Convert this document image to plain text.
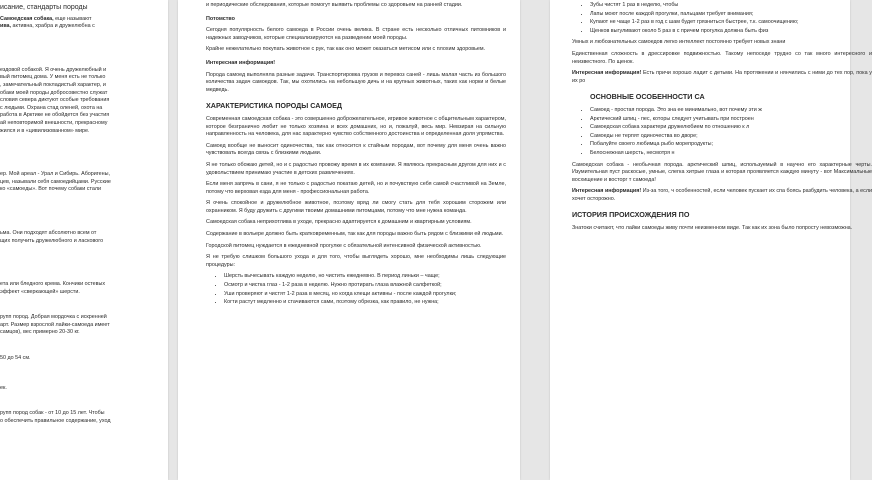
исание, стандарты породы

Самоедская собака, еще называют
ива, активна, храбра и дружелюбна с

ездовой собакой. Я очень дружелюбный и
вый питомец дома. У меня есть не только
, замечательный покладистый характер, и
обаки моей породы добросовестно служат
словия севера диктуют особые требования
с людьми. Охрана стад оленей, охота на
работа в Арктике не обойдется без участия
ай неповторимой внешности, прекрасному
жился и в «цивилизованном» мире.

ер. Мой ареал - Урал и Сибирь. Аборигены,
цев, называли себя самоедийцами. Русские
ко «самоеды». Вот почему собаки стали

ьма. Они подходят абсолютно всем от
щих получить дружелюбного и ласкового

ета или бледного крема. Кончики остевых
эффект «сверкающей» шерсти.

рупп пород. Добрая мордочка с искренней
арт. Размер взрослой лайки-самоеда имеет
самцов), вес примерно 20-30 кг.

50 до 54 см.

ек.

рупп пород собак - от 10 до 15 лет. Чтобы
о обеспечить правильное содержание, уход

и периодические обследования, которые помогут выявить проблемы со здоровьем на ранней стадии.

Потомство

Сегодня популярность белого самоеда в России очень велика. В стране есть несколько отличных питомников и надежных заводчиков, которые специализируются на разведении моей породы.

Крайне нежелательно покупать животное с рук, так как оно может оказаться метисом или с плохим здоровьем.

Интересная информация!

Порода самоед выполняла разные задачи. Транспортировка грузов и перевоз саней - лишь малая часть из большого количества задач самоедов. Так, мы охотились на небольшую дичь и на крупных животных, таких как норки и белые медведь.

ХАРАКТЕРИСТИКА ПОРОДЫ САМОЕД

Современная самоедская собака - это совершенно доброжелательное, игривое животное с общительным характером, которое безгранично любит не только хозяина и всех домашних, но и, пожалуй, весь мир. Невзирая на сильную направленность на человека, для нас характерно чувство собственного достоинства и определенная доля упрямства.

Самоед вообще не выносит одиночества, так как относится к стайным породам, вот почему для меня очень важно чувствовать всегда связь с близкими людьми.

Я не только обожаю детей, но и с радостью провожу время в их компании. Я являюсь прекрасным другом для них и с удовольствием принимаю участие в детских развлечениях.

Если меня запрячь в сани, я не только с радостью покатаю детей, но и почувствую себя самой счастливой на Земле, потому что верховая езда для меня - профессиональная работа.

Я очень спокойное и дружелюбное животное, поэтому вряд ли смогу стать для тебя хорошим сторожем или охранником. Я буду дружить с другими твоими домашними питомцами, потому что мне нужна команда.

Самоедская собака неприхотлива в уходе, прекрасно адаптируется к домашним и квартирным условиям.

Содержание в вольере должно быть кратковременным, так как для породы важно быть рядом с близкими ей людьми.

Городской питомец нуждается в ежедневной прогулке с обязательной интенсивной физической активностью.

Я не требую слишком большого ухода и для того, чтобы выглядеть хорошо, мне необходимы лишь следующие процедуры:

• Шерсть вычесывать каждую неделю, но чистить ежедневно. В период линьки – чаще;
• Осмотр и чистка глаз - 1-2 раза в неделю. Нужно протирать глаза влажной салфеткой;
• Уши проверяют и чистят 1-2 раза в месяц, но когда клещи активны - после каждой прогулки;
• Когти растут медленно и стачиваются сами, поэтому обрезка, как правило, не нужна;
• Зубы чистят 1 раз в неделю, чтобы
• Лапы моют после каждой прогулки, пальцами требует внимания;
• Купают не чаще 1-2 раз в год с шам будет грязниться быстрее, т.к. самоочищению;
• Щенков выгуливают около 5 раз в с причем прогулка должна быть физ

Умных и любознательных самоедов легко интеллект постоянно требует новых знани

Единственная сложность в дрессировке подвижностью. Такому непоседе трудно со так много интересного и неизвестного. По щенок.

Интересная информация! Есть причи хорошо ладит с детьми. На протяжении и нянчились с ними до тех пор, пока у их ро

ОСНОВНЫЕ ОСОБЕННОСТИ СА
• Самоед - простая порода. Это зна ее минимально, вот почему эти ж
• Арктический шпиц - пес, которы следует учитывать при построен
• Самоедская собака характери дружелюбием по отношению к л
• Самоеды не терпят одиночества во дворе;
• Побалуйте своего любимца рыбо морепродукты;
• Белоснежная шерсть, несмотря н

Самоедская собака - необычная порода. арктический шпиц, используемый в научно его характерные черты. Изумительная пуст раскосые, умные, слегка хитрые глаза и которая проявляется каждую минуту - вот Максимальные восхищение и восторг т самоеда!

Интересная информация! Из-за того, ч особенностей, если человек пускает их спа боясь разбудить человека, а если хочет осторожно.

ИСТОРИЯ ПРОИСХОЖДЕНИЯ ПО

Знатоки считают, что лайки самоеды живу почти неизменном виде. Так как их зона было попросту невозможна.
